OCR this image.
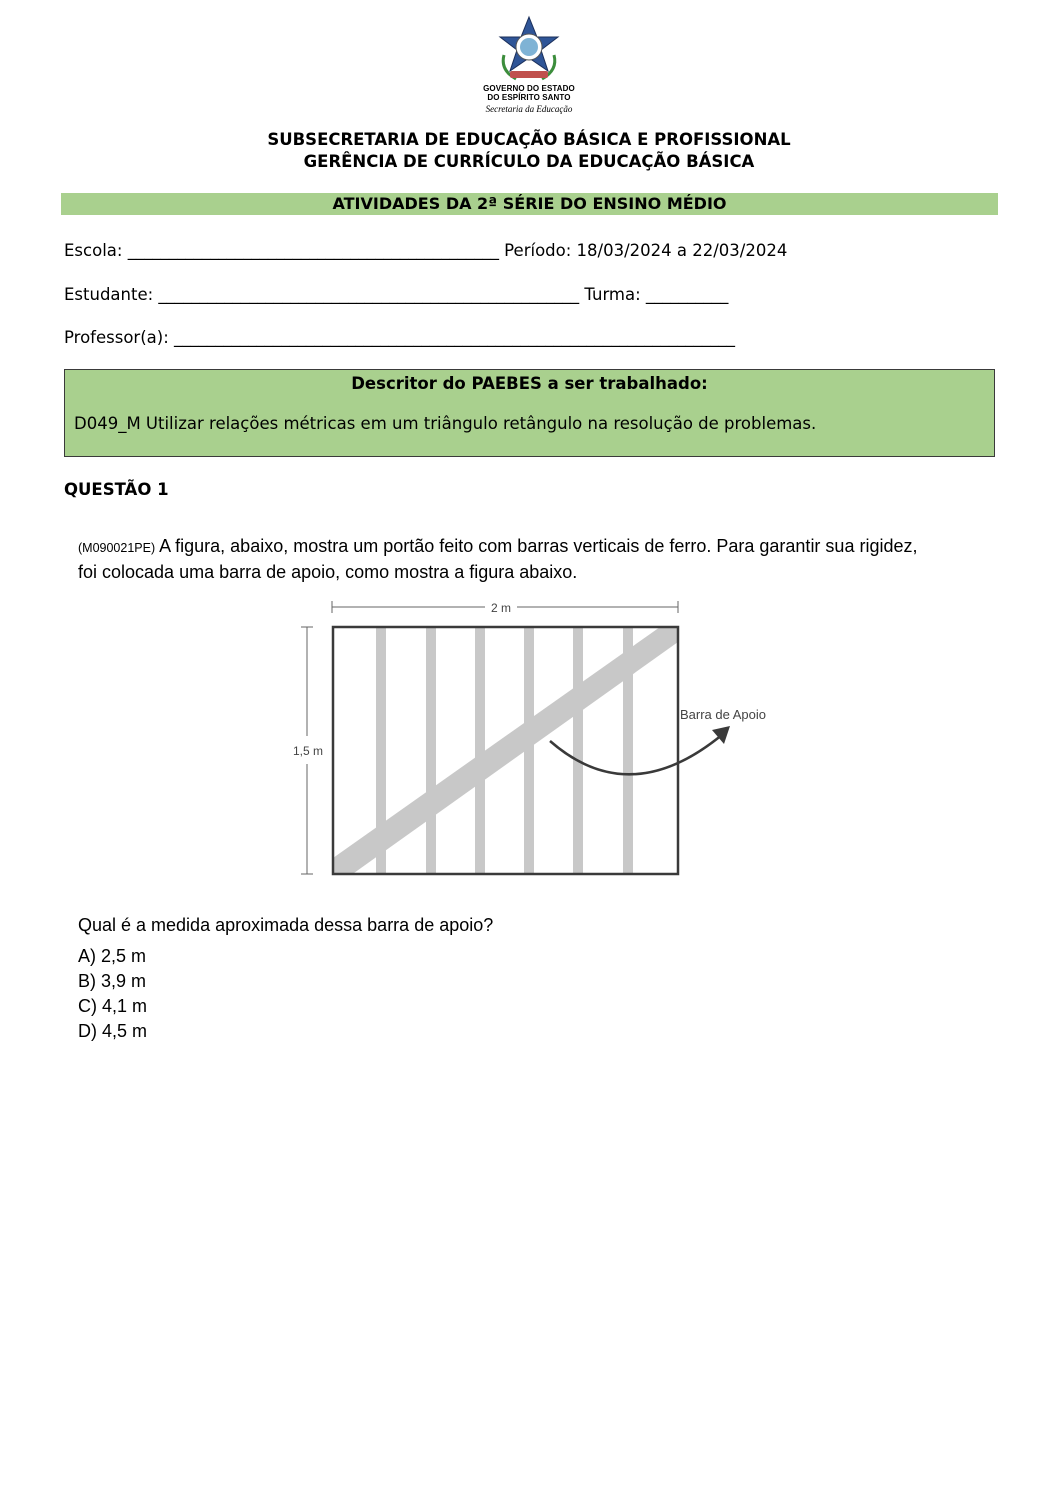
GOVERNO DO ESTADO
DO ESPÍRITO SANTO
Secretaria da Educação
SUBSECRETARIA DE EDUCAÇÃO BÁSICA E PROFISSIONAL
GERÊNCIA DE CURRÍCULO DA EDUCAÇÃO BÁSICA
ATIVIDADES DA 2ª SÉRIE DO ENSINO MÉDIO
Escola: _____________________________________________ Período: 18/03/2024 a 22/03/2024
Estudante: ___________________________________________________ Turma: __________
Professor(a): ____________________________________________________________________
Descritor do PAEBES a ser trabalhado:
D049_M Utilizar relações métricas em um triângulo retângulo na resolução de problemas.
QUESTÃO 1
(M090021PE) A figura, abaixo, mostra um portão feito com barras verticais de ferro. Para garantir sua rigidez,
foi colocada uma barra de apoio, como mostra a figura abaixo.
2 m
1,5 m
Barra de Apoio
Qual é a medida aproximada dessa barra de apoio?
A) 2,5 m
B) 3,9 m
C) 4,1 m
D) 4,5 m
